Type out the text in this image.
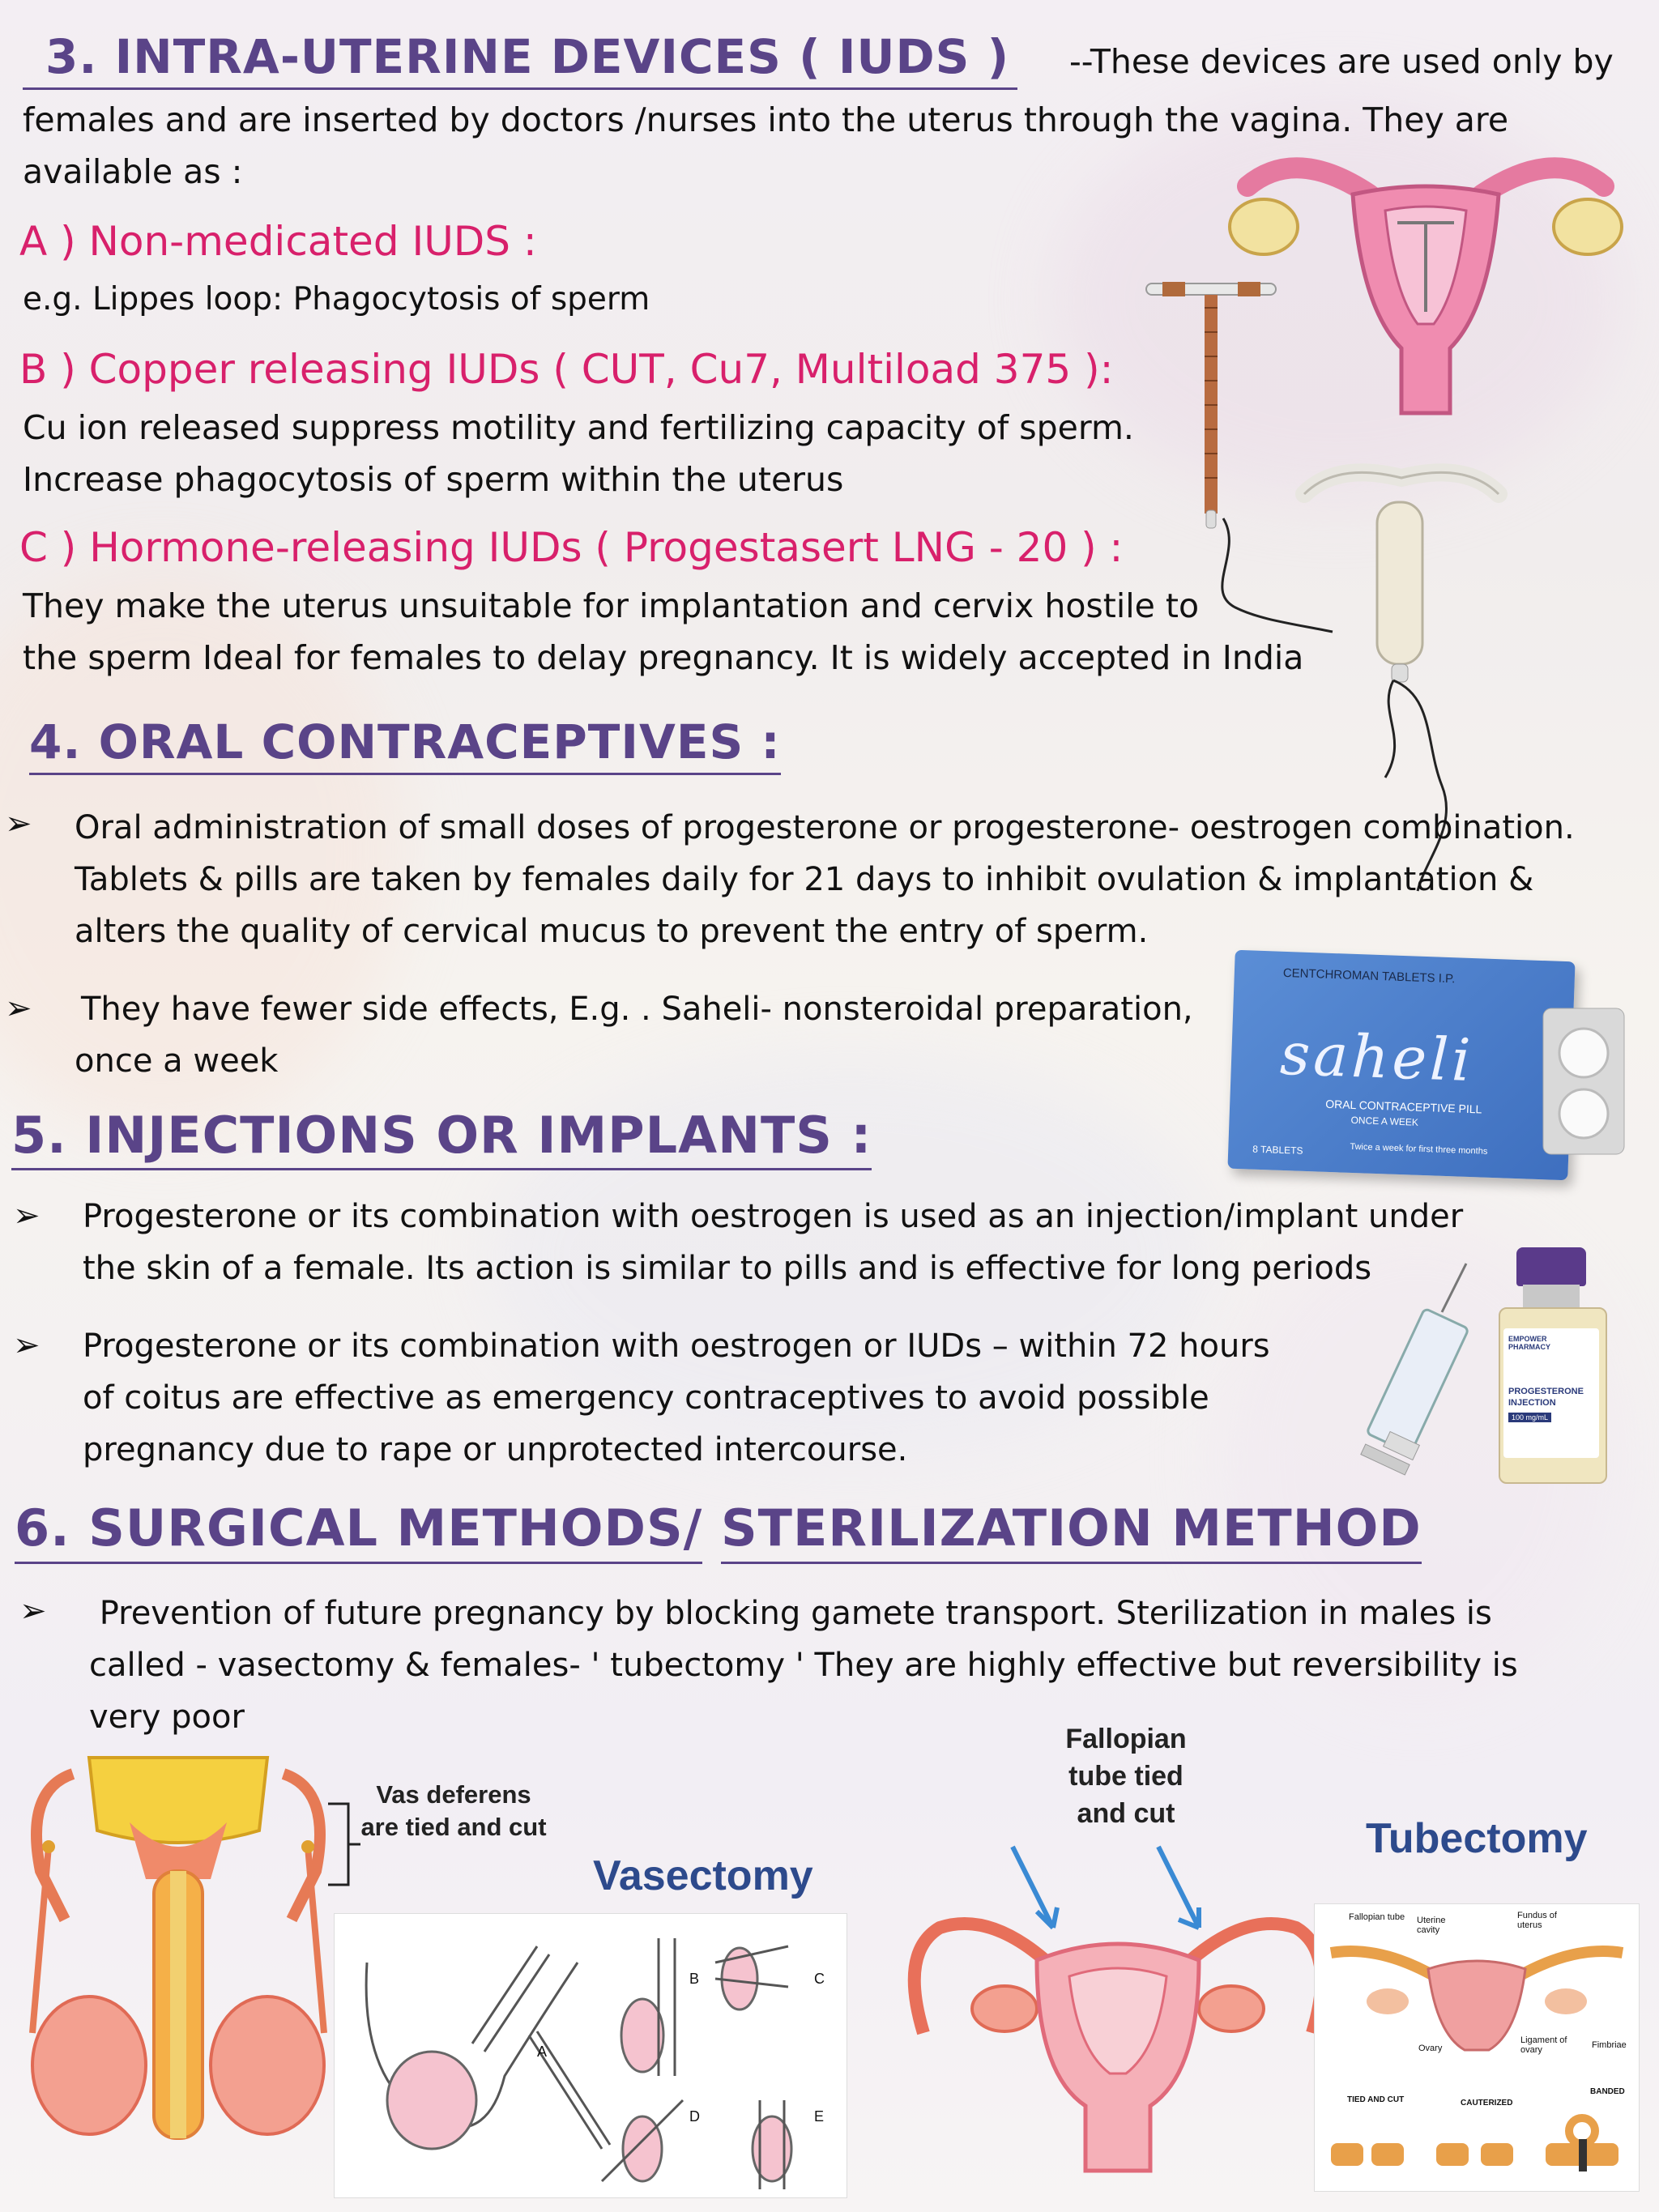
3. INTRA-UTERINE DEVICES ( IUDS ) --These devices are used only by
females and are inserted by doctors /nurses into the uterus through the vagina. They are
available as :
A ) Non-medicated IUDS :
e.g. Lippes loop: Phagocytosis of sperm
B ) Copper releasing IUDs ( CUT, Cu7, Multiload 375 ):
Cu ion released suppress motility and fertilizing capacity of sperm.
Increase phagocytosis of sperm within the uterus
C ) Hormone-releasing IUDs ( Progestasert LNG - 20 ) :
They make the uterus unsuitable for implantation and cervix hostile to
the sperm Ideal for females to delay pregnancy. It is widely accepted in India
4. ORAL CONTRACEPTIVES :
➢ Oral administration of small doses of progesterone or progesterone- oestrogen combination.
Tablets & pills are taken by females daily for 21 days to inhibit ovulation & implantation &
alters the quality of cervical mucus to prevent the entry of sperm.
➢ They have fewer side effects, E.g. . Saheli- nonsteroidal preparation,
once a week
CENTCHROMAN TABLETS I.P.
saheli
ORAL CONTRACEPTIVE PILL
ONCE A WEEK
8 TABLETS	Twice a week for first three months
5. INJECTIONS OR IMPLANTS :
➢ Progesterone or its combination with oestrogen is used as an injection/implant under
the skin of a female. Its action is similar to pills and is effective for long periods
➢ Progesterone or its combination with oestrogen or IUDs – within 72 hours
of coitus are effective as emergency contraceptives to avoid possible
pregnancy due to rape or unprotected intercourse.
EMPOWER PHARMACY
PROGESTERONE
INJECTION
100 mg/mL
6. SURGICAL METHODS/ STERILIZATION METHOD
➢ Prevention of future pregnancy by blocking gamete transport. Sterilization in males is
called - vasectomy & females- ' tubectomy ' They are highly effective but reversibility is
very poor
Vas deferens are tied and cut
Vasectomy
A
B	C
D	E
Fallopian tube tied and cut
Tubectomy
Fallopian tube Uterine cavity
Fundus of uterus
Ovary
Ligament of ovary	Fimbriae
TIED AND CUT	CAUTERIZED
BANDED
